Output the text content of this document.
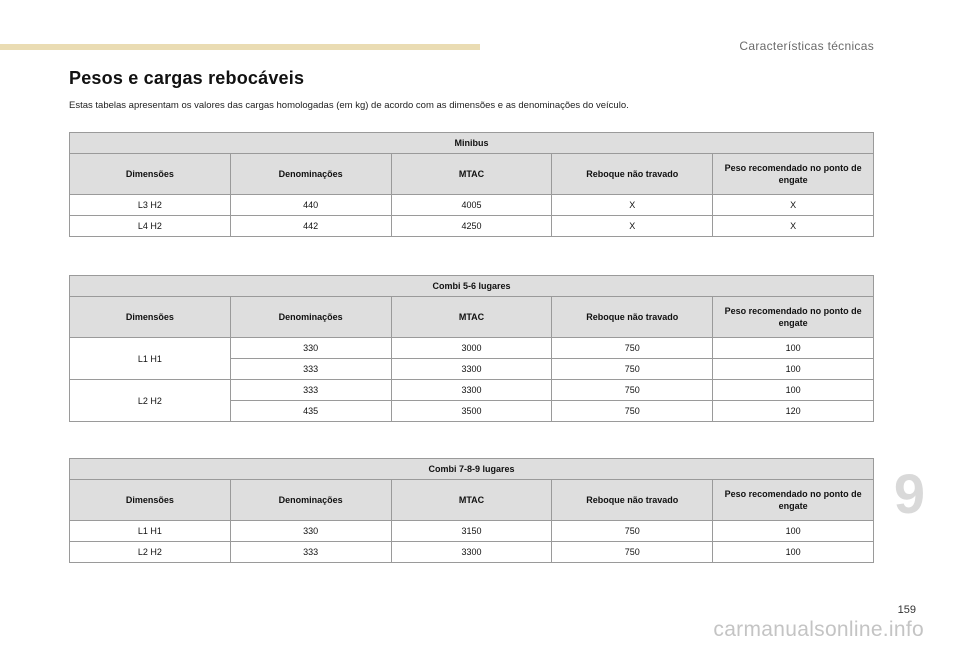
Características técnicas
Pesos e cargas rebocáveis

Estas tabelas apresentam os valores das cargas homologadas (em kg) de acordo com as dimensões e as denominações do veículo.

Minibus				
Dimensões	Denominações	MTAC	Reboque não travado	Peso recomendado no ponto de engate
L3 H2	440	4005	X	X
L4 H2	442	4250	X	X
Combi 5-6 lugares				
Dimensões	Denominações	MTAC	Reboque não travado	Peso recomendado no ponto de engate
L1 H1	330	3000	750	100
	333	3300	750	100
L2 H2	333	3300	750	100
	435	3500	750	120
Combi 7-8-9 lugares				
Dimensões	Denominações	MTAC	Reboque não travado	Peso recomendado no ponto de engate
L1 H1	330	3150	750	100
L2 H2	333	3300	750	100
9
159
carmanualsonline.info
